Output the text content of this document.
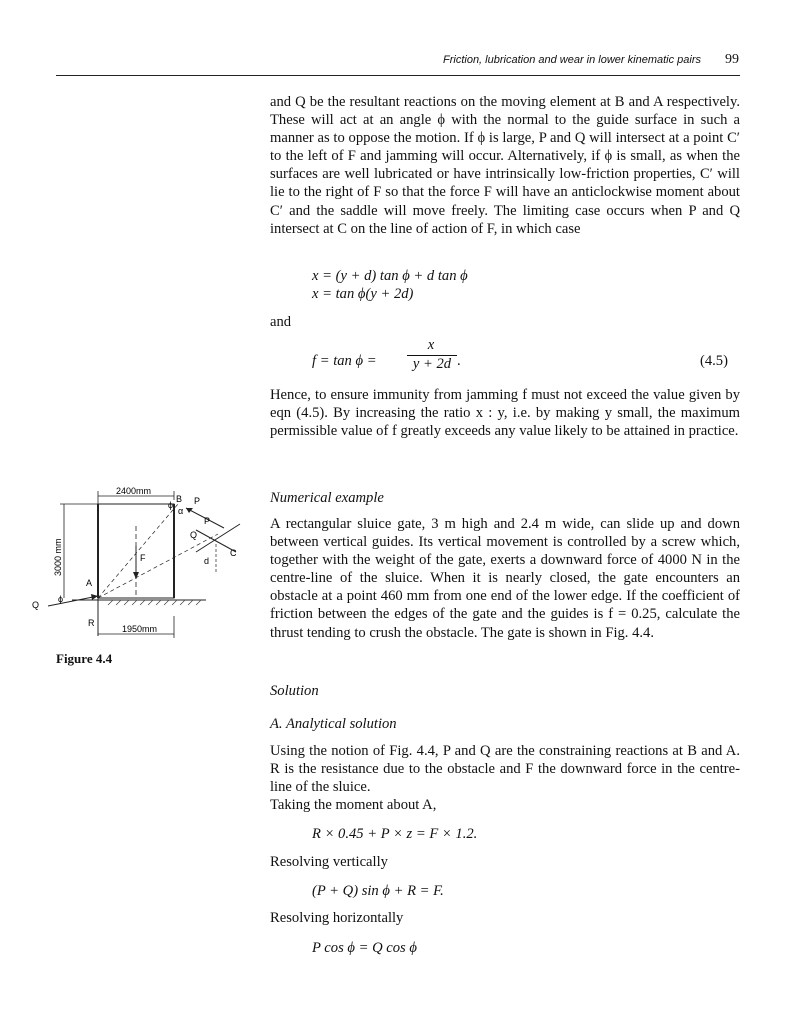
Friction, lubrication and wear in lower kinematic pairs 99

and Q be the resultant reactions on the moving element at B and A respectively. These will act at an angle ϕ with the normal to the guide surface in such a manner as to oppose the motion. If ϕ is large, P and Q will intersect at a point C′ to the left of F and jamming will occur. Alternatively, if ϕ is small, as when the surfaces are well lubricated or have intrinsically low-friction properties, C′ will lie to the right of F so that the force F will have an anticlockwise moment about C′ and the saddle will move freely. The limiting case occurs when P and Q intersect at C on the line of action of F, in which case

x = (y + d) tan ϕ + d tan ϕ
x = tan ϕ(y + 2d)
and
f = tan ϕ =
x
y + 2d .	(4.5)

Hence, to ensure immunity from jamming f must not exceed the value given by eqn (4.5). By increasing the ratio x : y, i.e. by making y small, the maximum permissible value of f greatly exceeds any value likely to be attained in practice.

Numerical example

A rectangular sluice gate, 3 m high and 2.4 m wide, can slide up and down between vertical guides. Its vertical movement is controlled by a screw which, together with the weight of the gate, exerts a downward force of 4000 N in the centre-line of the sluice. When it is nearly closed, the gate encounters an obstacle at a point 460 mm from one end of the lower edge. If the coefficient of friction between the edges of the gate and the guides is f = 0.25, calculate the thrust tending to crush the obstacle. The gate is shown in Fig. 4.4.

Solution
A. Analytical solution

Using the notion of Fig. 4.4, P and Q are the constraining reactions at B and A. R is the resistance due to the obstacle and F the downward force in the centre-line of the sluice.

Taking the moment about A,
R × 0.45 + P × z = F × 1.2.
Resolving vertically
(P + Q) sin ϕ + R = F.
Resolving horizontally
P cos ϕ = Q cos ϕ
2400mm
3000 mm	F
B P
P
α
ϕ
Q
C
d
A
Q
ϕ
R
1950mm
Figure 4.4
